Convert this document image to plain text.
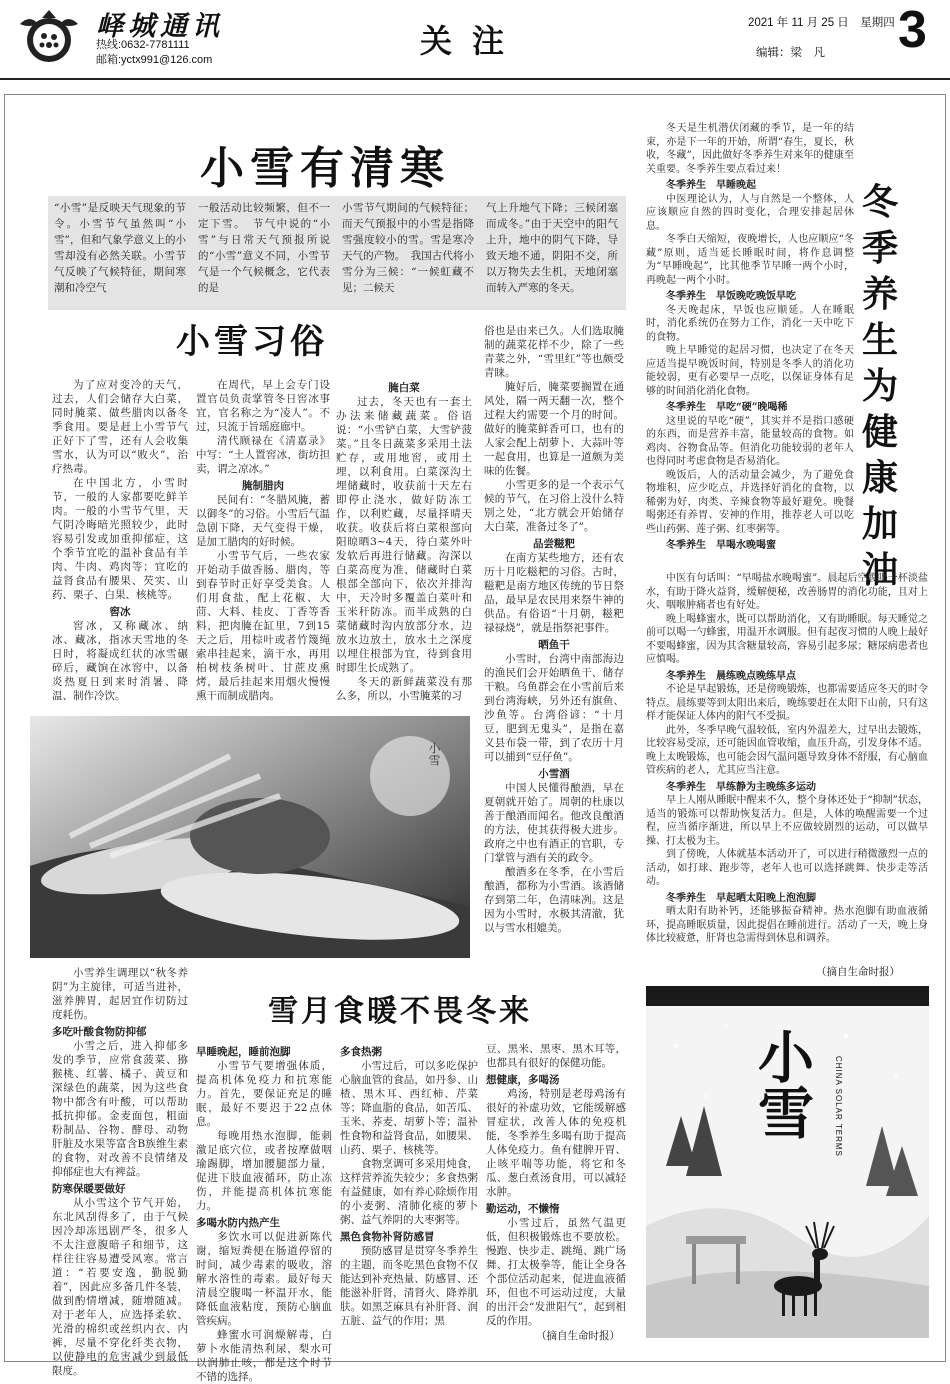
峄城通讯
热线:0632-7781111
邮箱:yctx991@126.com	关注	2021 年 11 月 25 日　星期四
编辑：梁　凡 3
小雪有清寒
“小雪”是反映天气现象的节令。小雪节气虽然叫“小雪”，但和气象学意义上的小雪却没有必然关联。小雪节气反映了气候特征，期间寒潮和冷空气
一般活动比较频繁，但不一定下雪。　节气中说的“小雪”与日常天气预报所说的“小雪”意义不同，小雪节气是一个气候概念，它代表的是
小雪节气期间的气候特征；而天气预报中的小雪是指降雪强度较小的雪。雪是寒冷天气的产物。　我国古代将小雪分为三候：“一候虹藏不见；二候天
气上升地气下降；三候闭塞而成冬。”由于天空中的阳气上升，地中的阴气下降，导致天地不通，阴阳不交，所以万物失去生机，天地闭塞而转入严寒的冬天。
小雪习俗

为了应对变冷的天气，过去，人们会储存大白菜，同时腌菜、做些腊肉以备冬季食用。要是赶上小雪节气正好下了雪，还有人会收集雪水，认为可以“败火”，治疗热毒。

在中国北方，小雪时节，一般的人家都要吃鲜羊肉。一般的小雪节气里，天气阴冷晦暗光照较少，此时容易引发或加重抑郁症，这个季节宜吃的温补食品有羊肉、牛肉、鸡肉等；宜吃的益肾食品有腰果、芡实、山药、栗子、白果、核桃等。

窖冰

窖冰，又称藏冰、纳冰、藏冰，指冰天雪地的冬日时，将凝成红状的冰雪碾碎后，藏饷在冰窖中，以备炎热夏日到来时消暑、降温、制作冷饮。

在周代，早上会专门设置官员负责掌管冬日窖冰事宜，官名称之为“凌人”。不过，只流于旨瑶庭廊中。

清代顾禄在《清嘉录》中写：“土人置窖冰，街坊担卖，谓之凉冰。”

腌制腊肉

民间有：“冬腊风腌，蓄以御冬”的习俗。小雪后气温急剧下降，天气变得干燥，是加工腊肉的好时候。

小雪节气后，一些农家开始动手做香肠、腊肉，等到春节时正好享受美食。人们用食盐，配上花椒、大茴、大料、桂皮、丁香等香料，把肉腌在缸里，7到15天之后，用棕叶或者竹篾绳索串挂起来，滴干水，再用柏树枝条树叶、甘蔗皮熏烤，最后挂起来用烟火慢慢熏干而制成腊肉。

腌白菜

过去，冬天也有一套土办法来储藏蔬菜。俗语说：“小雪铲白菜，大雪铲菠菜。”且冬日蔬菜多采用土法贮存，或用地窖，或用土埋，以利食用。白菜深沟土埋储藏时，收获前十天左右即停止浇水，做好防冻工作，以利贮藏，尽量择晴天收获。收获后将白菜根部向阳晾晒3~4天，待白菜外叶发软后再进行储藏。沟深以白菜高度为准，储藏时白菜根部全部向下，依次并排沟中，天冷时多覆盖白菜叶和玉米秆防冻。而半成熟的白菜储藏时沟内放部分水，边放水边放土，放水土之深度以埋住根部为宜，待到食用时即生长成熟了。

冬天的新鲜蔬菜没有那么多，所以，小雪腌菜的习

俗也是由来已久。人们选取腌制的蔬菜花样不少，除了一些青菜之外，“雪里红”等也颇受青睐。

腌好后，腌菜要搁置在通风处，隔一两天翻一次，整个过程大约需要一个月的时间。做好的腌菜鲜香可口，也有的人家会配上胡萝卜、大蒜叶等一起食用，也算是一道颇为美味的佐餐。

小雪更多的是一个表示气候的节气，在习俗上没什么特别之处，“北方就会开始储存大白菜，准备过冬了”。

品尝糍粑

在南方某些地方，还有农历十月吃糍粑的习俗。古时，糍粑是南方地区传统的节日祭品，最早是农民用来祭牛神的供品。有俗语“十月朝，糍粑禄禄烧”，就是指祭祀事件。

晒鱼干

小雪时，台湾中南部海边的渔民们会开始晒鱼干、储存干粮。乌鱼群会在小雪前后来到台湾海峡，另外还有旗鱼、沙鱼等。台湾俗谚：“十月豆，肥到无鬼头”，是指在嘉义县布袋一带，到了农历十月可以捕到“豆仔鱼”。

小雪酒

中国人民懂得酿酒，早在夏朝就开始了。周朝的杜康以善于酿酒而闻名。他改良酿酒的方法，使其获得极大进步。政府之中也有酒正的官职，专门掌管与酒有关的政令。

酿酒多在冬季，在小雪后酿酒，都称为小雪酒。该酒储存到第二年，色清味冽。这是因为小雪时，水极其清澈，犹以与雪水相媲美。

小雪
雪月食暖不畏冬来

小雪养生调理以“秋冬养阴”为主旋律，可适当进补，滋养脾胃，起居宜作切防过度耗伤。

多吃叶酸食物防抑郁

小雪之后，进入抑郁多发的季节，应常食菠菜、猕猴桃、红薯、橘子、黄豆和深绿色的蔬菜，因为这些食物中都含有叶酸，可以帮助抵抗抑郁。金麦面包，粗面粉制品、谷物、酵母、动物肝脏及水果等富含B族维生素的食物，对改善不良情绪及抑郁症也大有裨益。

防寒保暖要做好

从小雪这个节气开始，东北风刮得多了，由于气候因冷却冻迅剧严冬，很多人不太注意腹暗子和细节，这样往往容易遭受风寒。常言道：“若要安逸，勤脱勤着”，因此应多备几件冬装，做到酌情增减，随增随减。对于老年人，应选择柔软、光滑的棉织或丝织内衣、内裤，尽量不穿化纤类衣物，以使静电的危害减少到最低限度。

早睡晚起，睡前泡脚

小雪节气要增强体质，提高机体免疫力和抗寒能力。首先，要保证充足的睡眠，最好不要迟于22点休息。

每晚用热水泡脚，能刺激足底穴位，或者按摩做咽瑜踢脚，增加腰腿部力量，促进下肢血液循环，防止冻伤，并能提高机体抗寒能力。

多喝水防内热产生

多饮水可以促进新陈代谢，缩短粪便在肠道停留的时间，减少毒素的吸收，溶解水溶性的毒素。最好每天清晨空腹喝一杯温开水，能降低血液粘度，预防心脑血管疾病。

蜂蜜水可润燥解毒，白萝卜水能清热利尿，梨水可以润肺止咳，都是这个时节不错的选择。

多食热粥

小雪过后，可以多吃保护心脑血管的食品，如丹参、山楂、黑木耳、西红柿、芹菜等；降血脂的食品，如苦瓜、玉米、荞麦、胡萝卜等；温补性食物和益肾食品，如腰果、山药、栗子、核桃等。

食物烹调可多采用炖食，这样营养流失较少；多食热粥有益健康，如有养心除烦作用的小麦粥、清肺化痰的萝卜粥、益气养阴的大枣粥等。

黑色食物补肾防感冒

预防感冒是贯穿冬季养生的主题，而冬吃黑色食物不仅能达到补充热量、防感冒、还能滋补肝肾，清肾火、降养肌肤。如黑芝麻具有补肝肾、润五脏、益气的作用；黑

豆、黑米、黑枣、黑木耳等，也都具有很好的保健功能。

想健康，多喝汤

鸡汤，特别是老母鸡汤有很好的补虚功效，它能缓解感冒症状，改善人体的免疫机能，冬季养生多喝有助于提高人体免疫力。鱼有健脾开胃、止咳平喘等功能，将它和冬瓜、葱白煮汤食用，可以减轻水肿。

勤运动，不懒惰

小雪过后，虽然气温更低，但积极锻炼也不要放松。慢跑、快步走、跳绳、跳广场舞、打太极拳等，能让全身各个部位活动起来，促进血液循环，但也不可运动过度，大量的出汗会“发泄阳气”，起到相反的作用。

（摘自生命时报）
冬季养生为健康加油

冬天是生机潜伏闭藏的季节，是一年的结束，亦是下一年的开始，所谓“春生，夏长，秋收，冬藏”，因此做好冬季养生对来年的健康至关重要。冬季养生要点看过来！

冬季养生　早睡晚起

中医理论认为，人与自然是一个整体，人应该顺应自然的四时变化，合理安排起居休息。

冬季白天缩短，夜晚增长，人也应顺应“冬藏”原则，适当延长睡眠时间，将作息调整为“早睡晚起”，比其他季节早睡一两个小时，再晚起一两个小时。

冬季养生　早饭晚吃晚饭早吃

冬天晚起床，早饭也应顺延。人在睡眠时，消化系统仍在努力工作，消化一天中吃下的食物。

晚上早睡觉的起居习惯，也决定了在冬天应适当提早晚饭时间，特别是冬季人的消化功能较弱，更有必要早一点吃，以保证身体有足够的时间消化消化食物。

冬季养生　早吃“硬”晚喝稀

这里说的早吃“硬”，其实并不是指口感硬的东西，而是营养丰富，能量较高的食物。如鸡肉、谷物食品等。但消化功能较弱的老年人也得同时考虑食物是否易消化。

晚饭后，人的活动量会减少，为了避免食物堆积，应少吃点，并选择好消化的食物，以稀粥为好，肉类、辛辣食物等最好避免。晚餐喝粥还有养胃、安神的作用，推荐老人可以吃些山药粥、莲子粥、红枣粥等。

冬季养生　早喝水晚喝蜜

中医有句话叫：“早喝盐水晚喝蜜”。晨起后空腹喝一杯淡盐水，有助于降火益肾，缓解便秘，改善肠胃的消化功能，且对上火、咽喉肿痛者也有好处。

晚上喝蜂蜜水，既可以帮助消化，又有助睡眠。每天睡觉之前可以喝一勺蜂蜜，用温开水调服。但有起夜习惯的人晚上最好不要喝蜂蜜，因为其含糖量较高，容易引起多尿；糖尿病患者也应慎喝。

冬季养生　晨练晚点晚练早点

不论是早起锻炼，还是傍晚锻炼，也都需要适应冬天的时令特点。晨练要等到太阳出来后，晚练要赶在太阳下山前，只有这样才能保证人体内的阳气不受损。

此外，冬季早晚气温较低，室内外温差大，过早出去锻炼，比较容易受凉，还可能因血管收缩，血压升高，引发身体不适。晚上太晚锻炼，也可能会因气温问题导致身体不舒服，有心脑血管疾病的老人，尤其应当注意。

冬季养生　早练静为主晚练多运动

早上人刚从睡眠中醒来不久，整个身体还处于“抑制”状态，适当的锻炼可以帮助恢复活力。但是，人体的唤醒需要一个过程，应当循序渐进，所以早上不应做较剧烈的运动，可以做早操、打太极为主。

到了傍晚，人体就基本活动开了，可以进行稍微激烈一点的活动，如打球、跑步等，老年人也可以选择跳舞、快步走等活动。

冬季养生　早起晒太阳晚上泡泡脚

晒太阳有助补钙，还能够振奋精神。热水泡脚有助血液循环，提高睡眠质量，因此提倡在睡前进行。活动了一天，晚上身体比较疲惫，肝肾也急需得到休息和调养。

（摘自生命时报）
小雪 CHINA SOLAR TERMS
